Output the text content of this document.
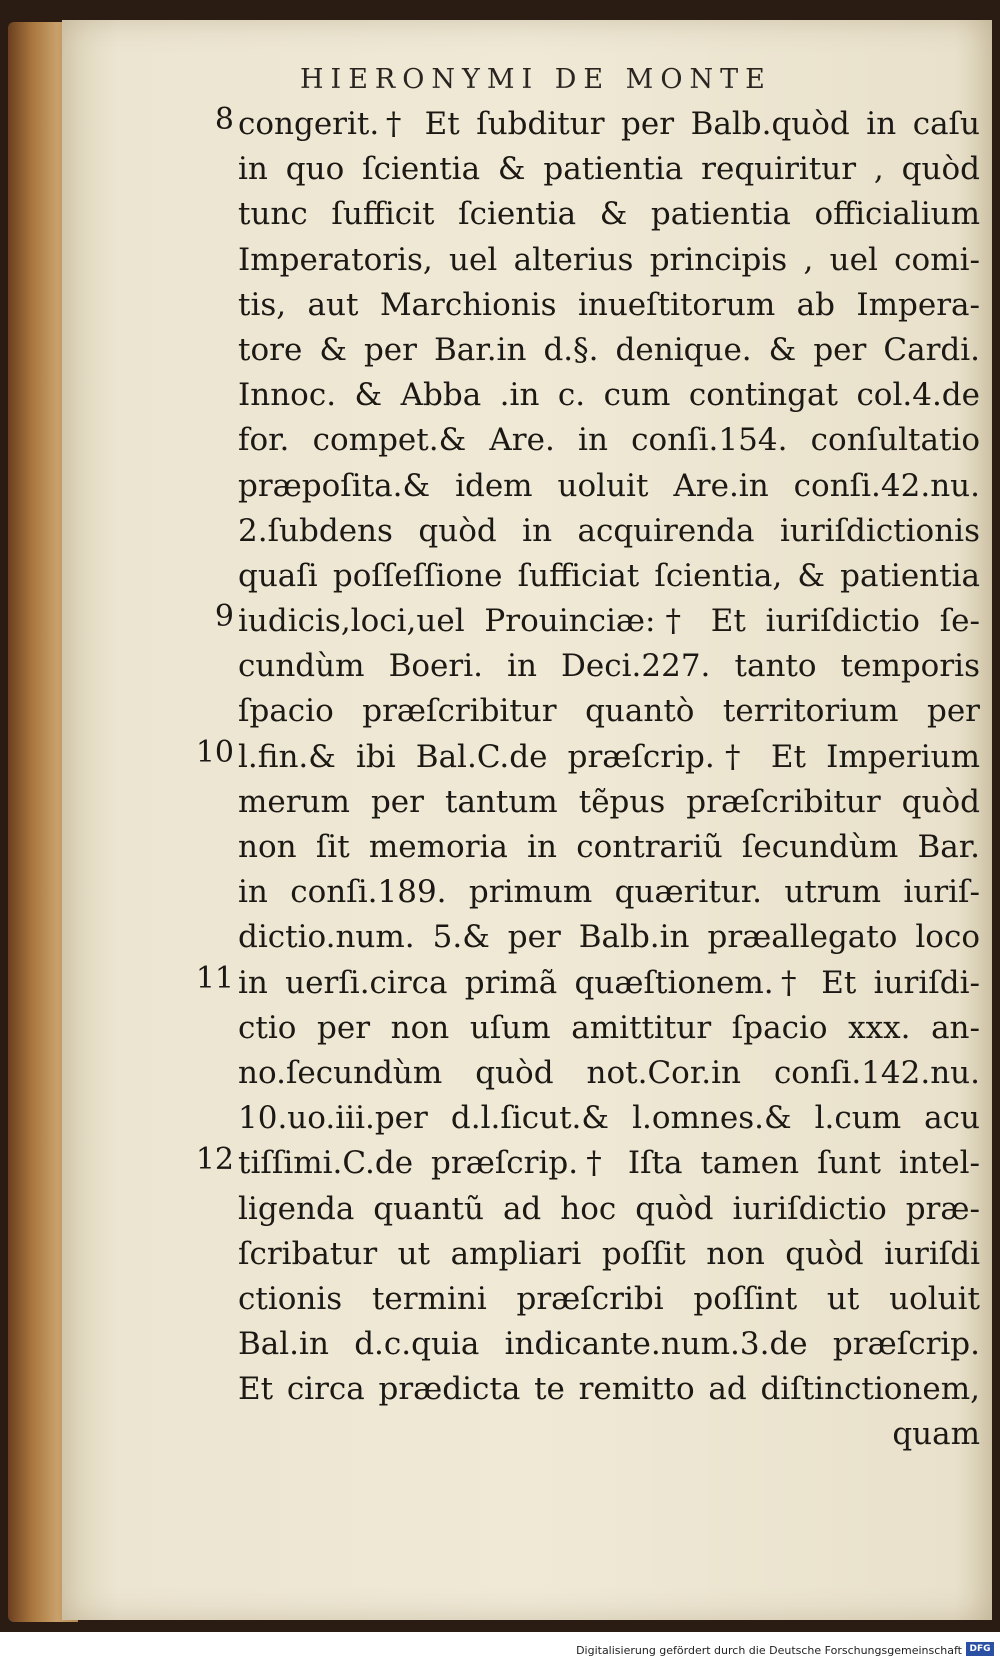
HIERONYMI DE MONTE
congerit.† Et ſubditur per Balb.quòd in caſu
in quo ſcientia & patientia requiritur , quòd
tunc ſufficit ſcientia & patientia officialium
Imperatoris, uel alterius principis , uel comi-
tis, aut Marchionis inueſtitorum ab Impera-
tore & per Bar.in d.§. denique. & per Cardi.
Innoc. & Abba .in c. cum contingat col.4.de
for. compet.& Are. in conſi.154. conſultatio
præpoſita.& idem uoluit Are.in conſi.42.nu.
2.ſubdens quòd in acquirenda iuriſdictionis
quaſi poſſeſſione ſufficiat ſcientia, & patientia
iudicis,loci,uel Prouinciæ:† Et iuriſdictio ſe-
cundùm Boeri. in Deci.227. tanto temporis
ſpacio præſcribitur quantò territorium per
l.fin.& ibi Bal.C.de præſcrip.† Et Imperium
merum per tantum tẽpus præſcribitur quòd
non ſit memoria in contrariũ ſecundùm Bar.
in conſi.189. primum quæritur. utrum iuriſ-
dictio.num. 5.& per Balb.in præallegato loco
in uerſi.circa primã quæſtionem.† Et iuriſdi-
ctio per non uſum amittitur ſpacio xxx. an-
no.ſecundùm quòd not.Cor.in conſi.142.nu.
10.uo.iii.per d.l.ſicut.& l.omnes.& l.cum acu
tiſſimi.C.de præſcrip.† Iſta tamen ſunt intel-
ligenda quantũ ad hoc quòd iuriſdictio præ-
ſcribatur ut ampliari poſſit non quòd iuriſdi
ctionis termini præſcribi poſſint ut uoluit
Bal.in d.c.quia indicante.num.3.de præſcrip.
Et circa prædicta te remitto ad diſtinctionem,
quam
8
9
10
11
12
Digitalisierung gefördert durch die Deutsche Forschungsgemeinschaft DFG
